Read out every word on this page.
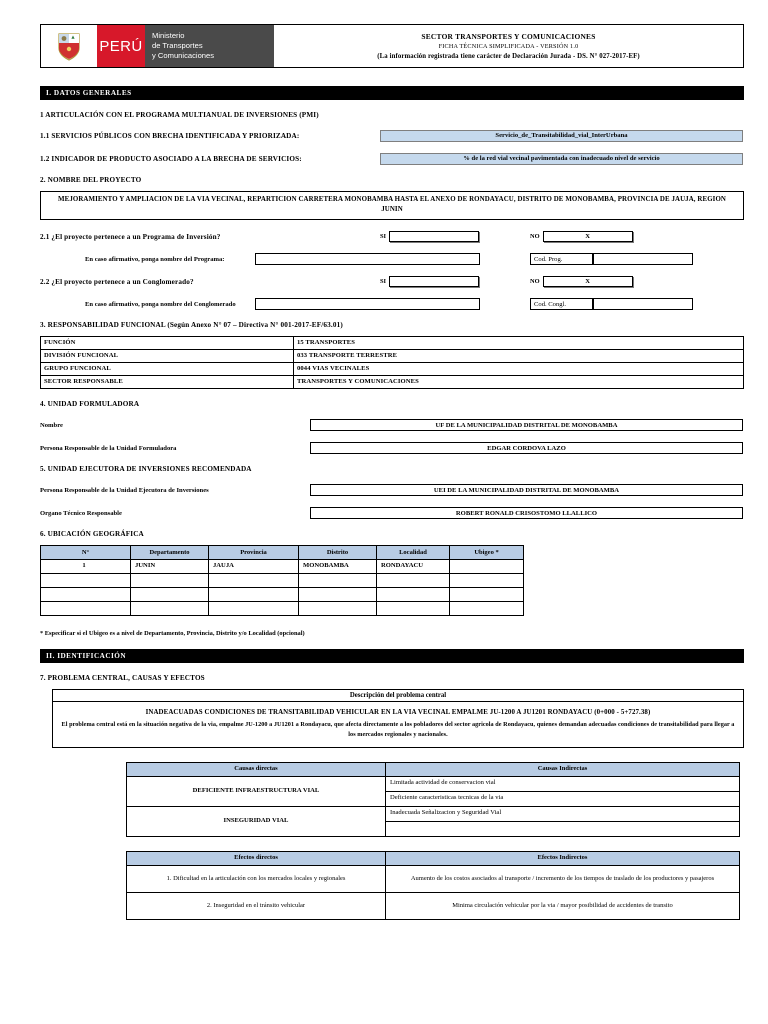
PERÚ
Ministerio
de Transportes
y Comunicaciones
SECTOR TRANSPORTES Y COMUNICACIONES
FICHA TÉCNICA SIMPLIFICADA - VERSIÓN 1.0
(La información registrada tiene carácter de Declaración Jurada - DS. N° 027-2017-EF)
I. DATOS GENERALES
1 ARTICULACIÓN CON EL PROGRAMA MULTIANUAL DE INVERSIONES (PMI)
1.1 SERVICIOS PÚBLICOS CON BRECHA IDENTIFICADA Y PRIORIZADA:	Servicio_de_Transitabilidad_vial_InterUrbana
1.2 INDICADOR DE PRODUCTO ASOCIADO A LA BRECHA DE SERVICIOS:	% de la red vial vecinal pavimentada con inadecuado nivel de servicio
2. NOMBRE DEL PROYECTO
MEJORAMIENTO Y AMPLIACION DE LA VIA VECINAL, REPARTICION CARRETERA MONOBAMBA HASTA EL ANEXO DE RONDAYACU, DISTRITO DE MONOBAMBA, PROVINCIA DE JAUJA, REGION JUNIN
2.1 ¿El proyecto pertenece a un Programa de Inversión?	SI	NO	X
En caso afirmativo, ponga nombre del Programa:	Cod. Prog.
2.2 ¿El proyecto pertenece a un Conglomerado?	SI	NO	X
En caso afirmativo, ponga nombre del Conglomerado	Cod. Congl.
3. RESPONSABILIDAD FUNCIONAL (Según Anexo N° 07 – Directiva N° 001-2017-EF/63.01)
FUNCIÓN	15 TRANSPORTES
DIVISIÓN FUNCIONAL	033 TRANSPORTE TERRESTRE
GRUPO FUNCIONAL	0044 VIAS VECINALES
SECTOR RESPONSABLE	TRANSPORTES Y COMUNICACIONES
4. UNIDAD FORMULADORA
Nombre	UF DE LA MUNICIPALIDAD DISTRITAL DE MONOBAMBA
Persona Responsable de la Unidad Formuladora	EDGAR CORDOVA LAZO
5. UNIDAD EJECUTORA DE INVERSIONES RECOMENDADA
Persona Responsable de la Unidad Ejecutora de Inversiones	UEI DE LA MUNICIPALIDAD DISTRITAL DE MONOBAMBA
Organo Técnico Responsable	ROBERT RONALD CRISOSTOMO LLALLICO
6. UBICACIÓN GEOGRÁFICA
N°	Departamento	Provincia	Distrito	Localidad	Ubigeo *
1	JUNIN	JAUJA	MONOBAMBA	RONDAYACU	

* Especificar si el Ubigeo es a nivel de Departamento, Provincia, Distrito y/o Localidad (opcional)
II. IDENTIFICACIÓN
7. PROBLEMA CENTRAL, CAUSAS Y EFECTOS
Descripción del problema central
INADEACUADAS CONDICIONES DE TRANSITABILIDAD VEHICULAR EN LA VIA VECINAL EMPALME JU-1200 A JU1201 RONDAYACU (0+000 - 5+727.38)
El problema central está en la situación negativa de la via, empalme JU-1200 a JU1201 a Rondayacu, que afecta directamente a los pobladores del sector agricola de Rondayacu, quienes demandan adecuadas condiciones de transitabilidad para llegar a los mercados regionales y nacionales.
Causas directas	Causas Indirectas
DEFICIENTE INFRAESTRUCTURA VIAL	Limitada actividad de conservacion vial
	Deficiente caracteristicas tecnicas de la via
INSEGURIDAD VIAL	Inadecuada Señalizacion y Seguridad Vial

Efectos directos	Efectos Indirectos
1. Dificultad en la articulación con los mercados locales y regionales	Aumento de los costos asociados al transporte / incremento de los tiempos de traslado de los productores y pasajeros
2. Inseguridad en el tránsito vehicular	Minima circulación vehicular por la via / mayor posibilidad de accidentes de transito
